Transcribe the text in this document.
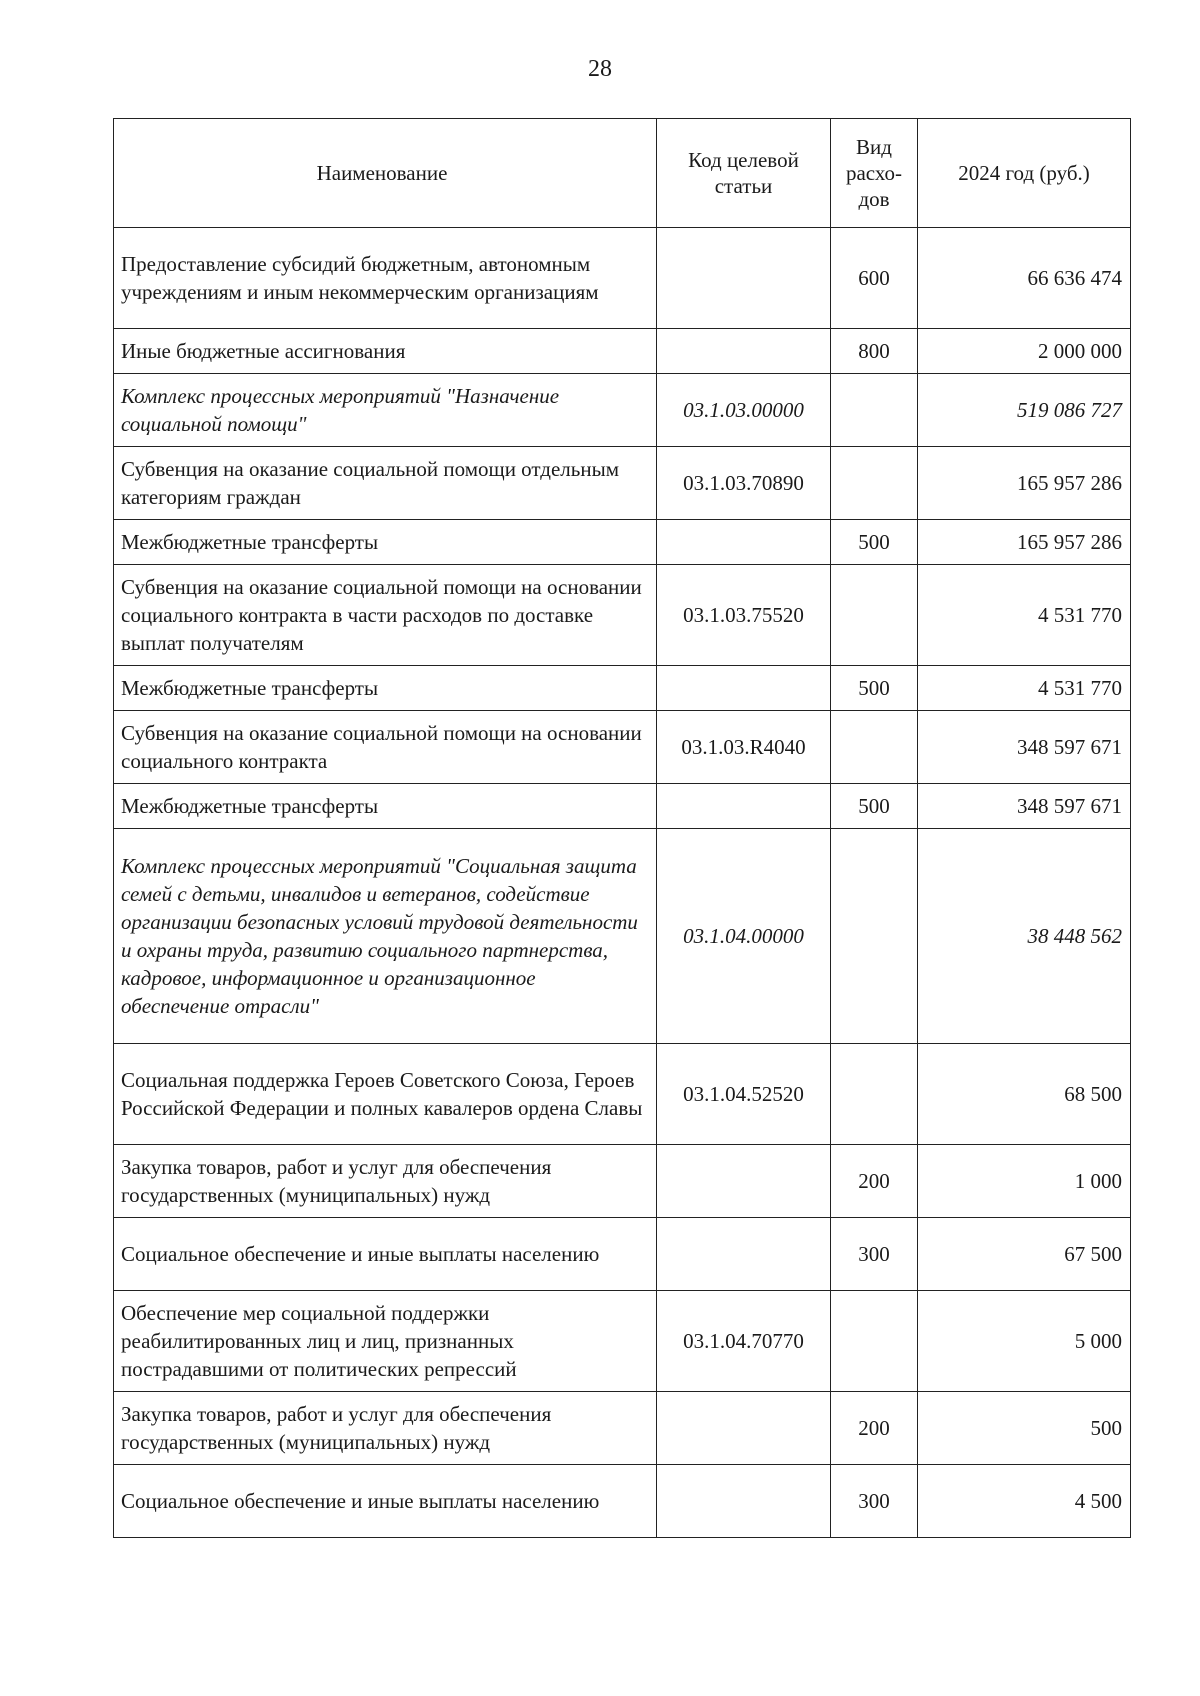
28
Наименование	Код целевой статьи	Вид расхо-дов	2024 год (руб.)
Предоставление субсидий бюджетным, автономным учреждениям и иным некоммерческим организациям		600	66 636 474
Иные бюджетные ассигнования		800	2 000 000
Комплекс процессных мероприятий "Назначение социальной помощи"	03.1.03.00000		519 086 727
Субвенция на оказание социальной помощи отдельным категориям граждан	03.1.03.70890		165 957 286
Межбюджетные трансферты		500	165 957 286
Субвенция на оказание социальной помощи на основании социального контракта в части расходов по доставке выплат получателям	03.1.03.75520		4 531 770
Межбюджетные трансферты		500	4 531 770
Субвенция на оказание социальной помощи на основании социального контракта	03.1.03.R4040		348 597 671
Межбюджетные трансферты		500	348 597 671
Комплекс процессных мероприятий "Социальная защита семей с детьми, инвалидов и ветеранов, содействие организации безопасных условий трудовой деятельности и охраны труда, развитию социального партнерства, кадровое, информационное и организационное обеспечение отрасли"	03.1.04.00000		38 448 562
Социальная поддержка Героев Советского Союза, Героев Российской Федерации и полных кавалеров ордена Славы	03.1.04.52520		68 500
Закупка товаров, работ и услуг для обеспечения государственных (муниципальных) нужд		200	1 000
Социальное обеспечение и иные выплаты населению		300	67 500
Обеспечение мер социальной поддержки реабилитированных лиц и лиц, признанных пострадавшими от политических репрессий	03.1.04.70770		5 000
Закупка товаров, работ и услуг для обеспечения государственных (муниципальных) нужд		200	500
Социальное обеспечение и иные выплаты населению		300	4 500
